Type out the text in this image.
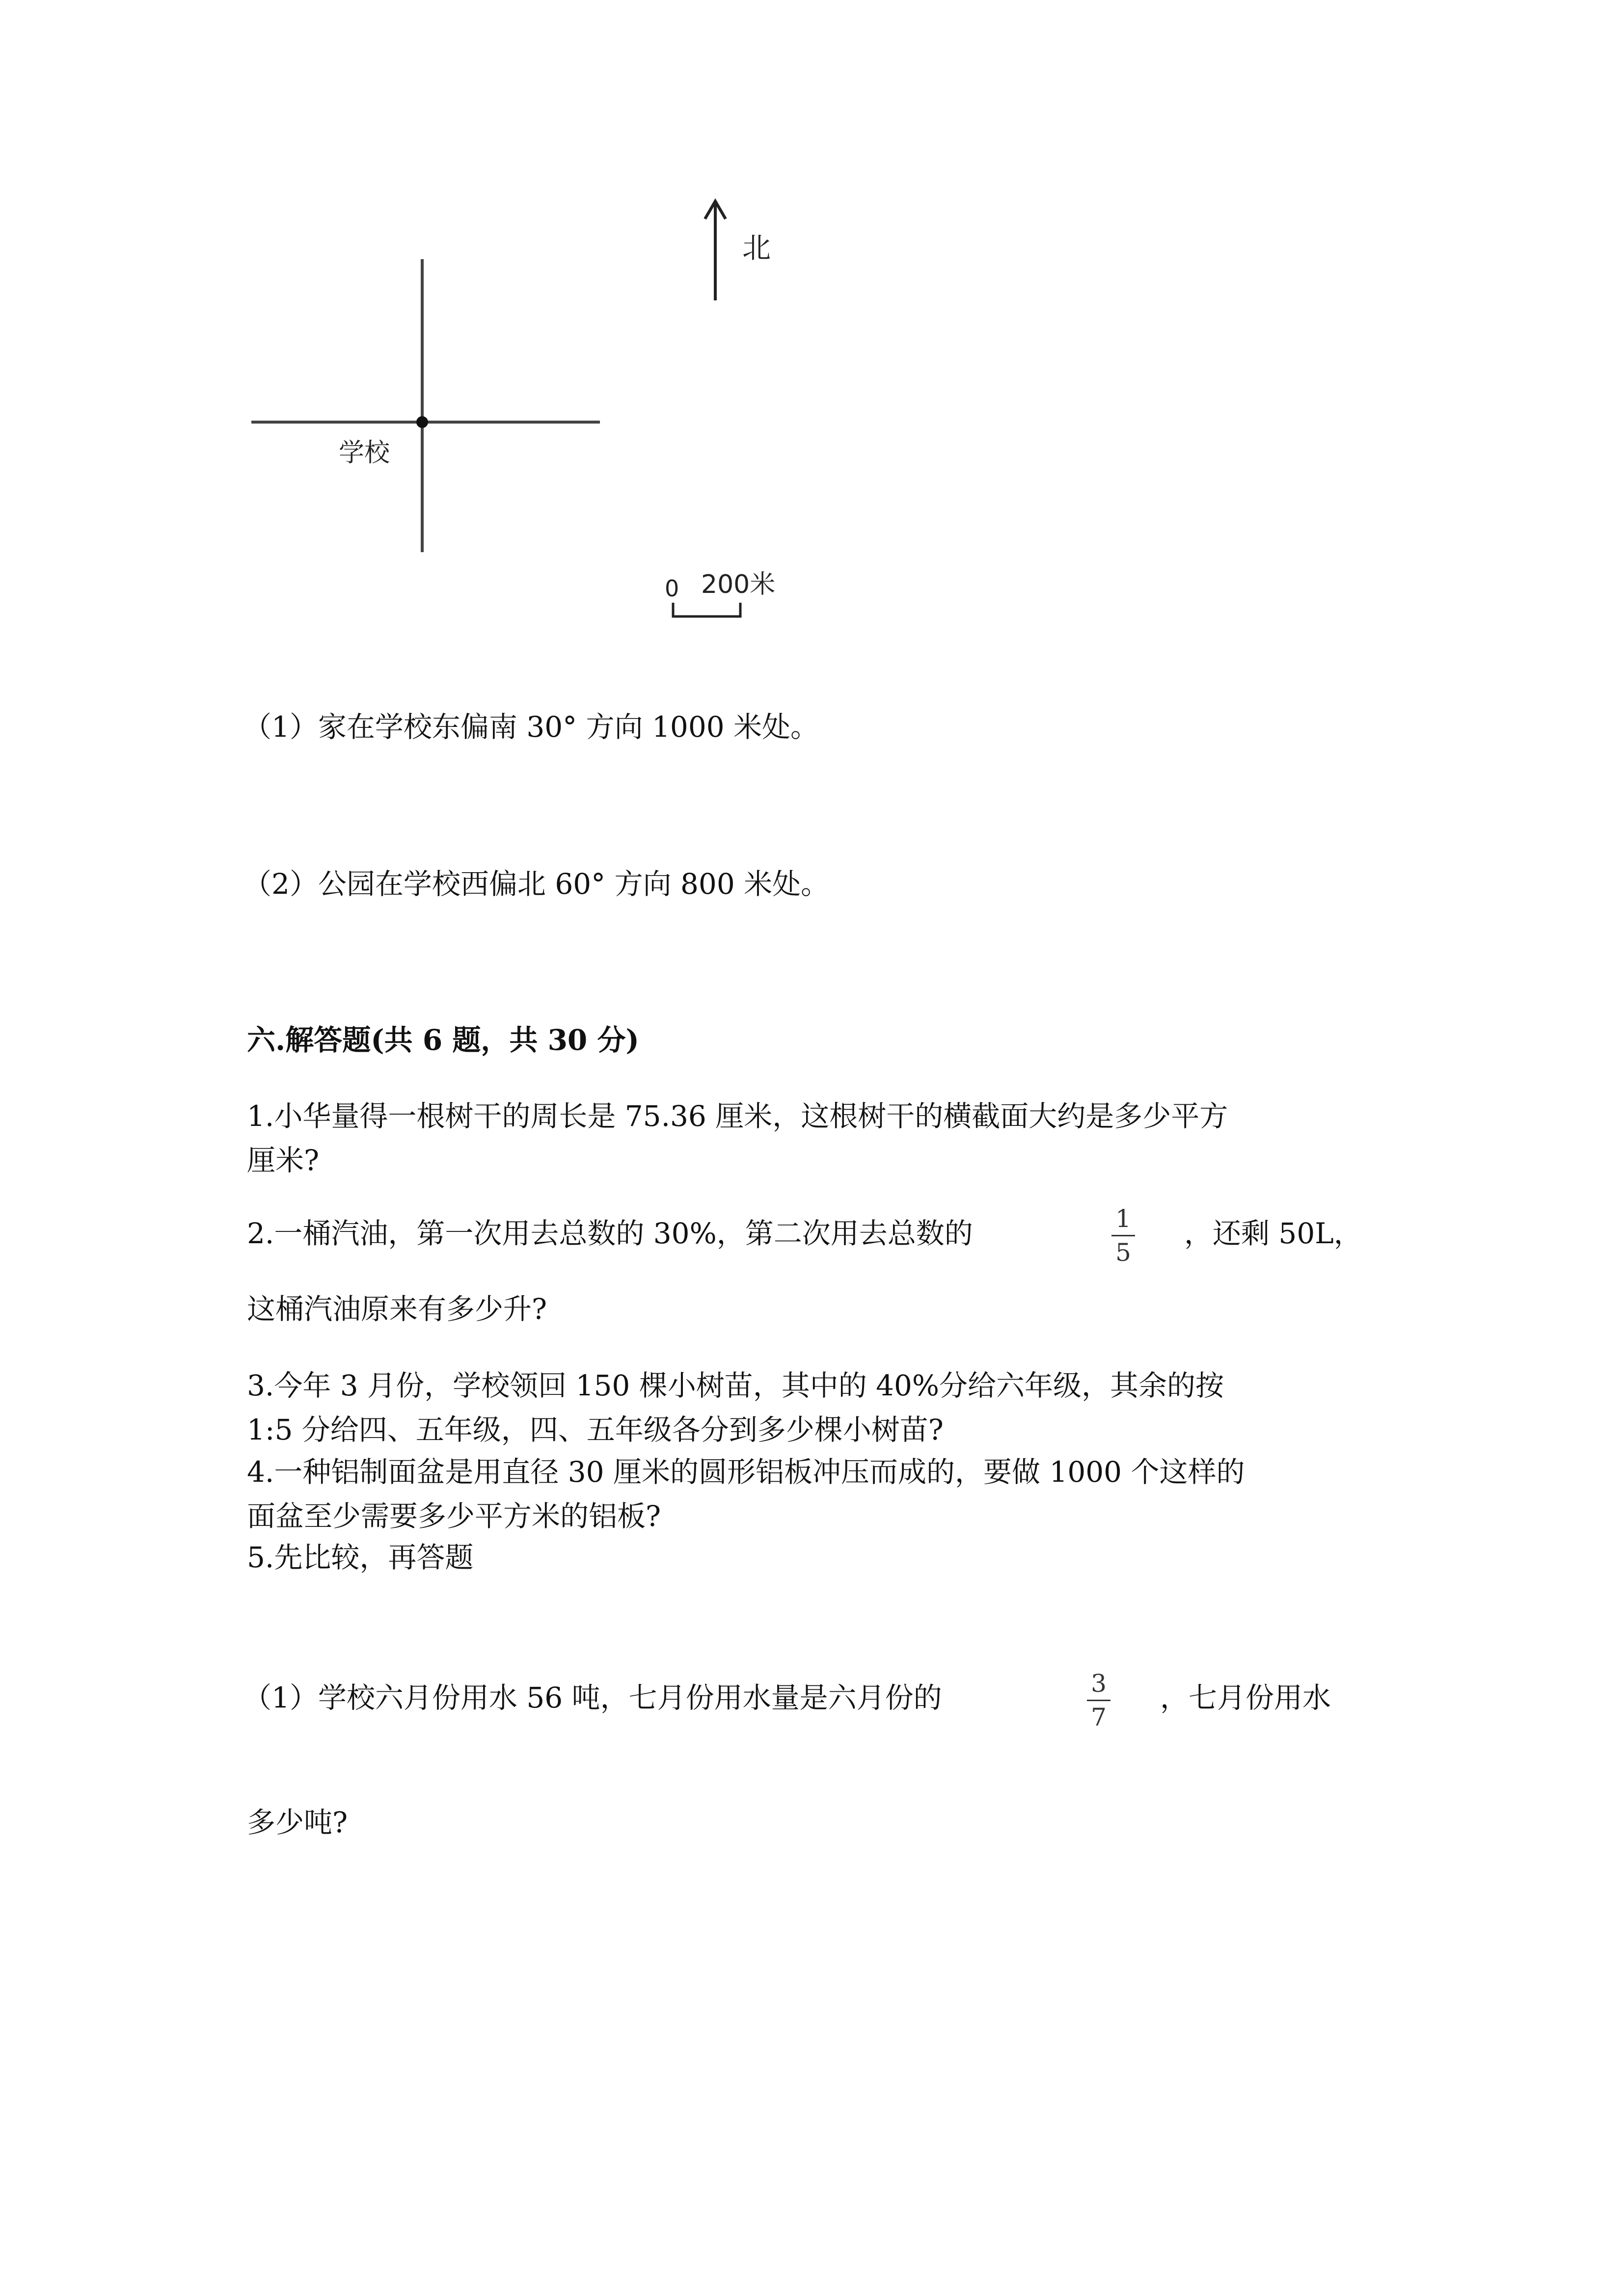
北
学校
0 200米
（1）家在学校东偏南 30° 方向 1000 米处。
（2）公园在学校西偏北 60° 方向 800 米处。
六.解答题(共 6 题，共 30 分)
1.小华量得一根树干的周长是 75.36 厘米，这根树干的横截面大约是多少平方
厘米?
2.一桶汽油，第一次用去总数的 30%，第二次用去总数的	1
5
，还剩 50L，
这桶汽油原来有多少升?
3.今年 3 月份，学校领回 150 棵小树苗，其中的 40%分给六年级，其余的按
1:5 分给四、五年级，四、五年级各分到多少棵小树苗?
4.一种铝制面盆是用直径 30 厘米的圆形铝板冲压而成的，要做 1000 个这样的
面盆至少需要多少平方米的铝板?
5.先比较，再答题
（1）学校六月份用水 56 吨，七月份用水量是六月份的	3
7
，七月份用水
多少吨?
